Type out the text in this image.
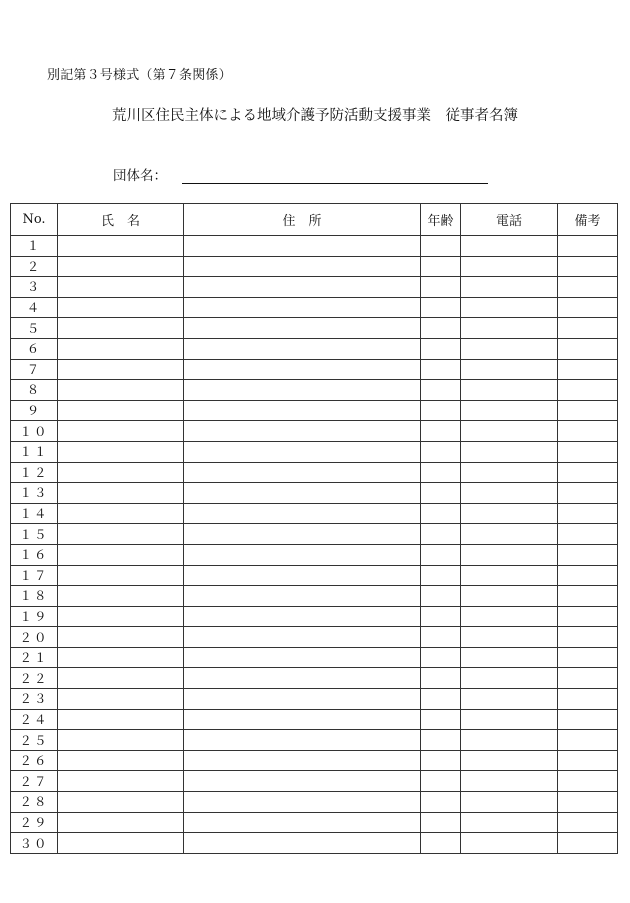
別記第３号様式（第７条関係）
荒川区住民主体による地域介護予防活動支援事業　従事者名簿
団体名：
No.	氏　名	住　所	年齢	電話	備考
１					
２					
３					
４					
５					
６					
７					
８					
９					
１０					
１１					
１２					
１３					
１４					
１５					
１６					
１７					
１８					
１９					
２０					
２１					
２２					
２３					
２４					
２５					
２６					
２７					
２８					
２９					
３０					
